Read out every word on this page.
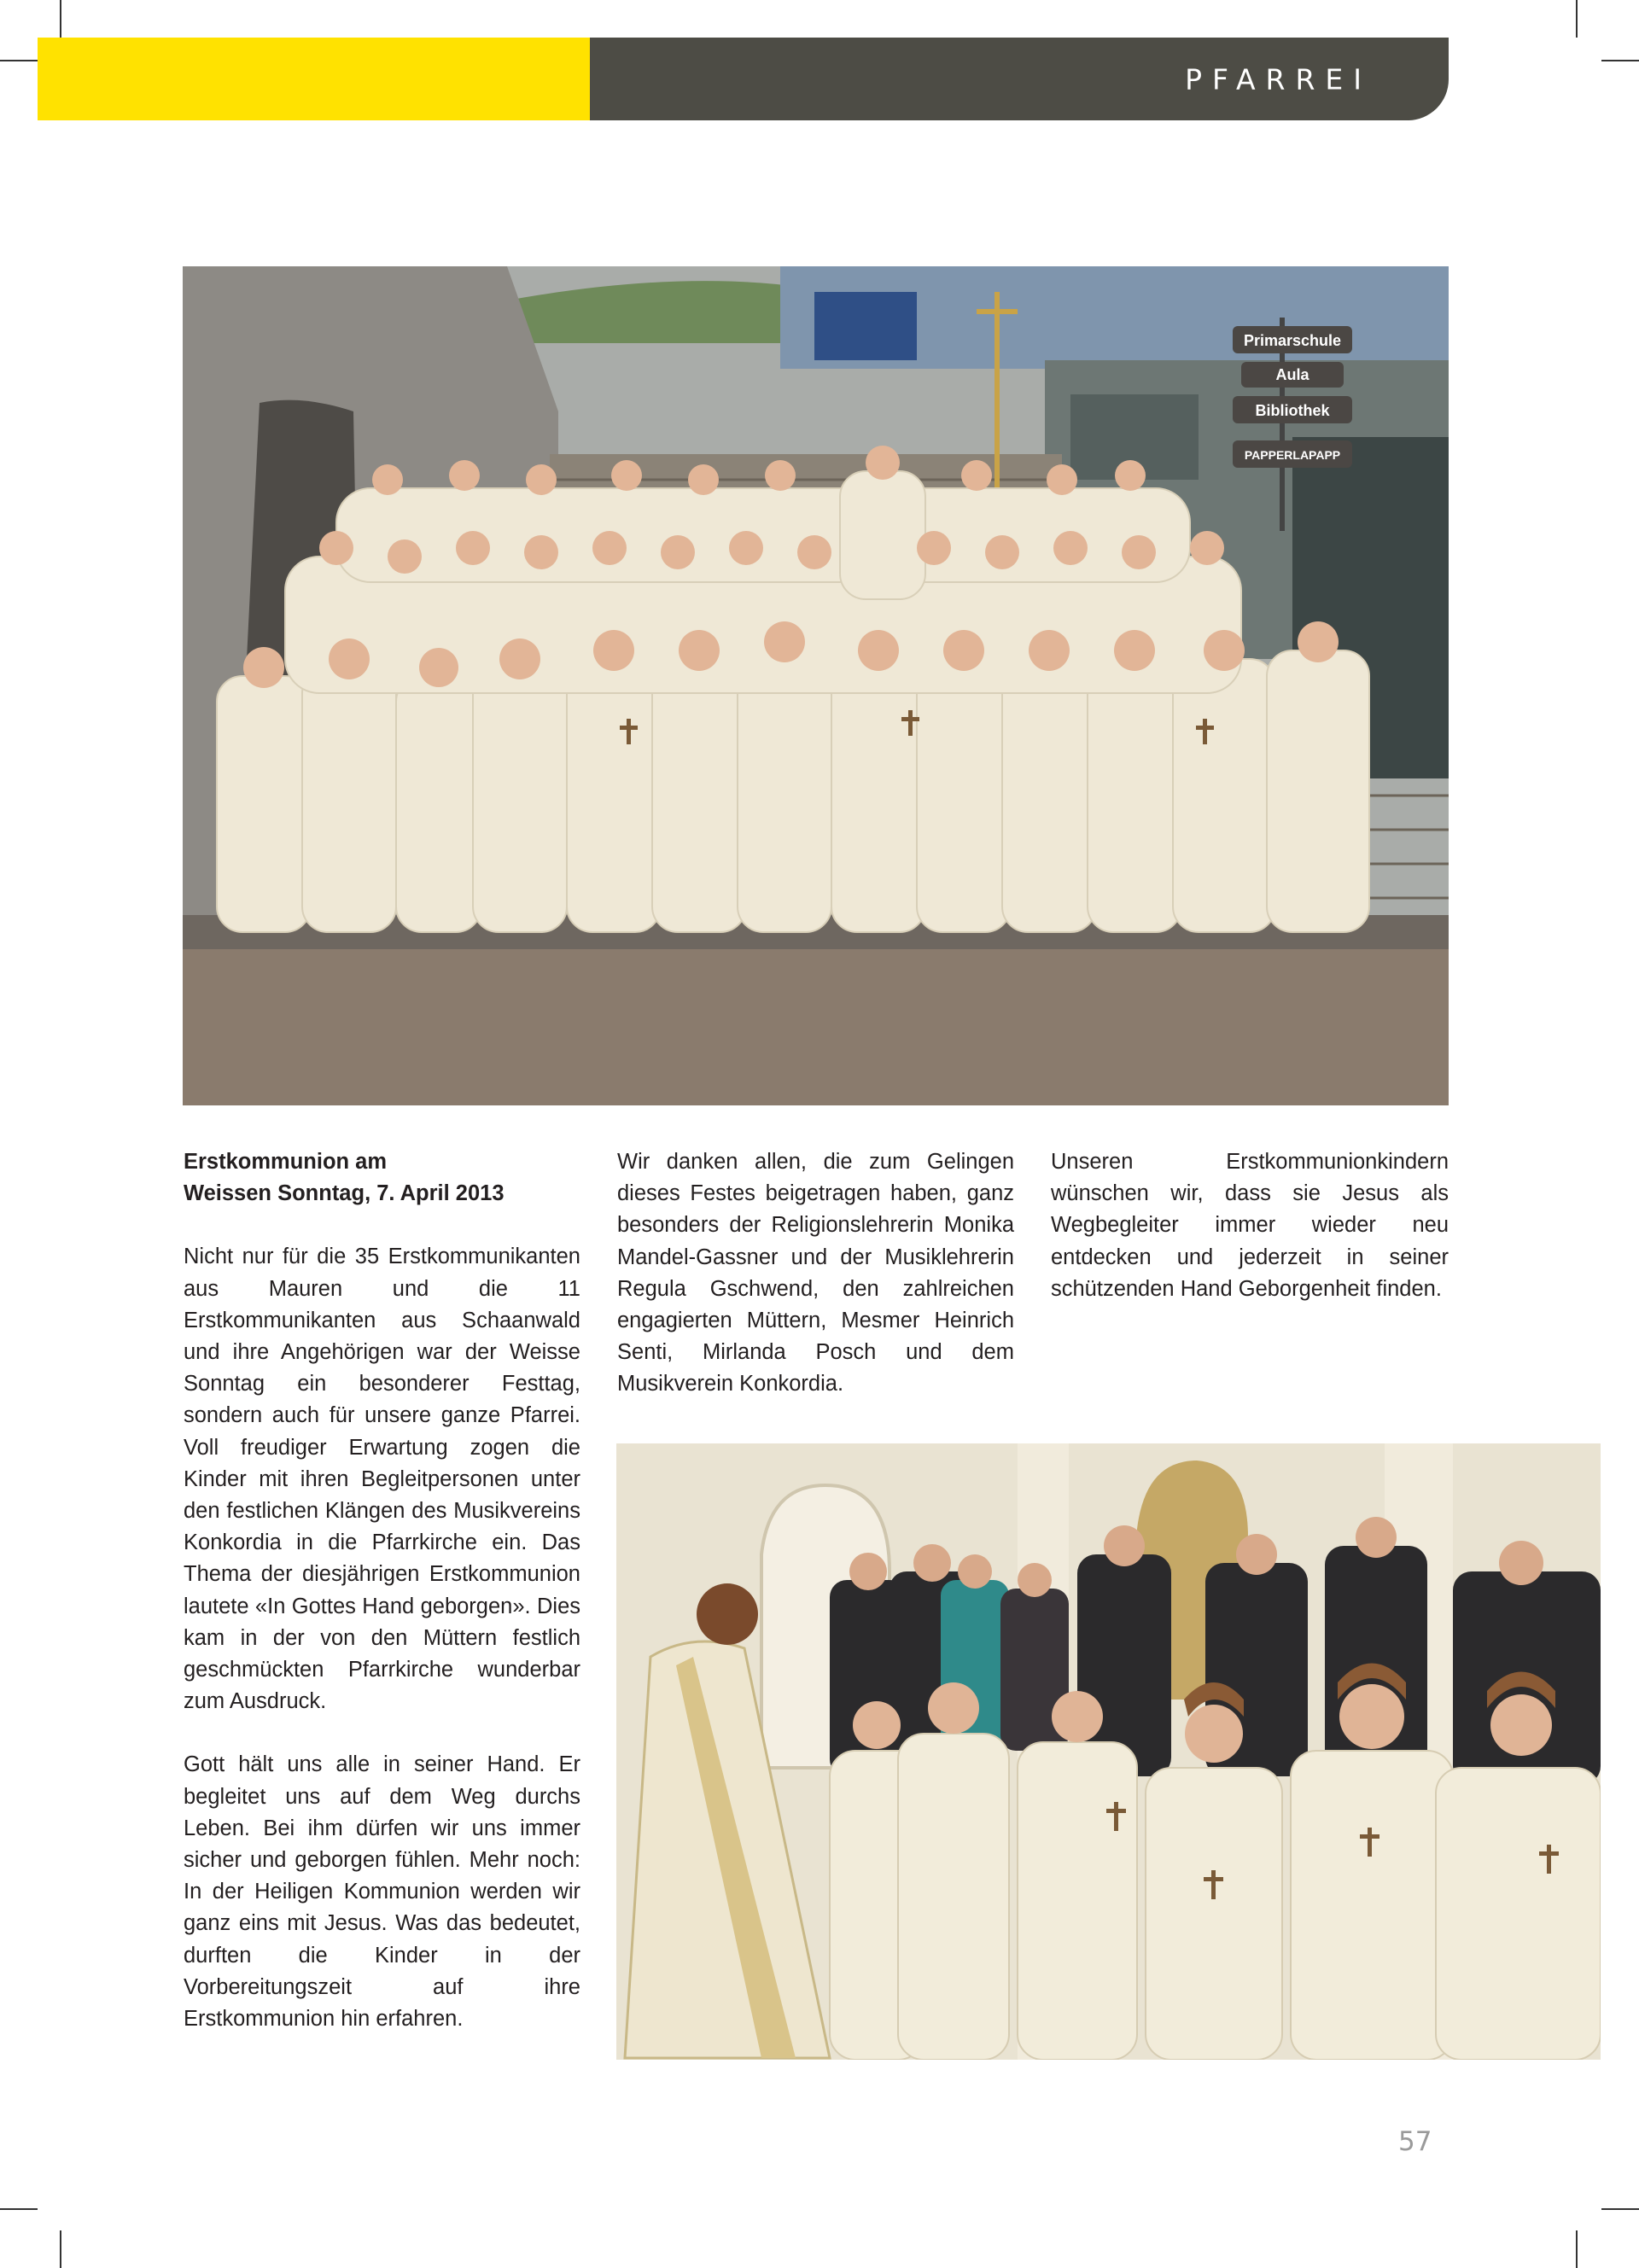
PFARREI
Primarschule
Aula
Bibliothek
PAPPERLAPAPP

Erstkommunion am

Weissen Sonntag, 7. April 2013

Nicht nur für die 35 Erstkommunikanten aus Mauren und die 11 Erstkommunikanten aus Schaanwald und ihre Angehörigen war der Weisse Sonntag ein besonderer Festtag, sondern auch für unsere ganze Pfarrei. Voll freudiger Erwartung zogen die Kinder mit ihren Begleitpersonen unter den festlichen Klängen des Musikvereins Konkordia in die Pfarrkirche ein. Das Thema der diesjährigen Erstkommunion lautete «In Gottes Hand geborgen». Dies kam in der von den Müttern festlich geschmückten Pfarrkirche wunderbar zum Ausdruck.

Gott hält uns alle in seiner Hand. Er begleitet uns auf dem Weg durchs Leben. Bei ihm dürfen wir uns immer sicher und geborgen fühlen. Mehr noch: In der Heiligen Kommunion werden wir ganz eins mit Jesus. Was das bedeutet, durften die Kinder in der Vorbereitungszeit auf ihre Erstkommunion hin erfahren.

Wir danken allen, die zum Gelingen dieses Festes beigetragen haben, ganz besonders der Religionslehrerin Monika Mandel-Gassner und der Musiklehrerin Regula Gschwend, den zahlreichen engagierten Müttern, Mesmer Heinrich Senti, Mirlanda Posch und dem Musikverein Konkordia.

Unseren Erstkommunionkindern wünschen wir, dass sie Jesus als Wegbegleiter immer wieder neu entdecken und jederzeit in seiner schützenden Hand Geborgenheit finden.

57
